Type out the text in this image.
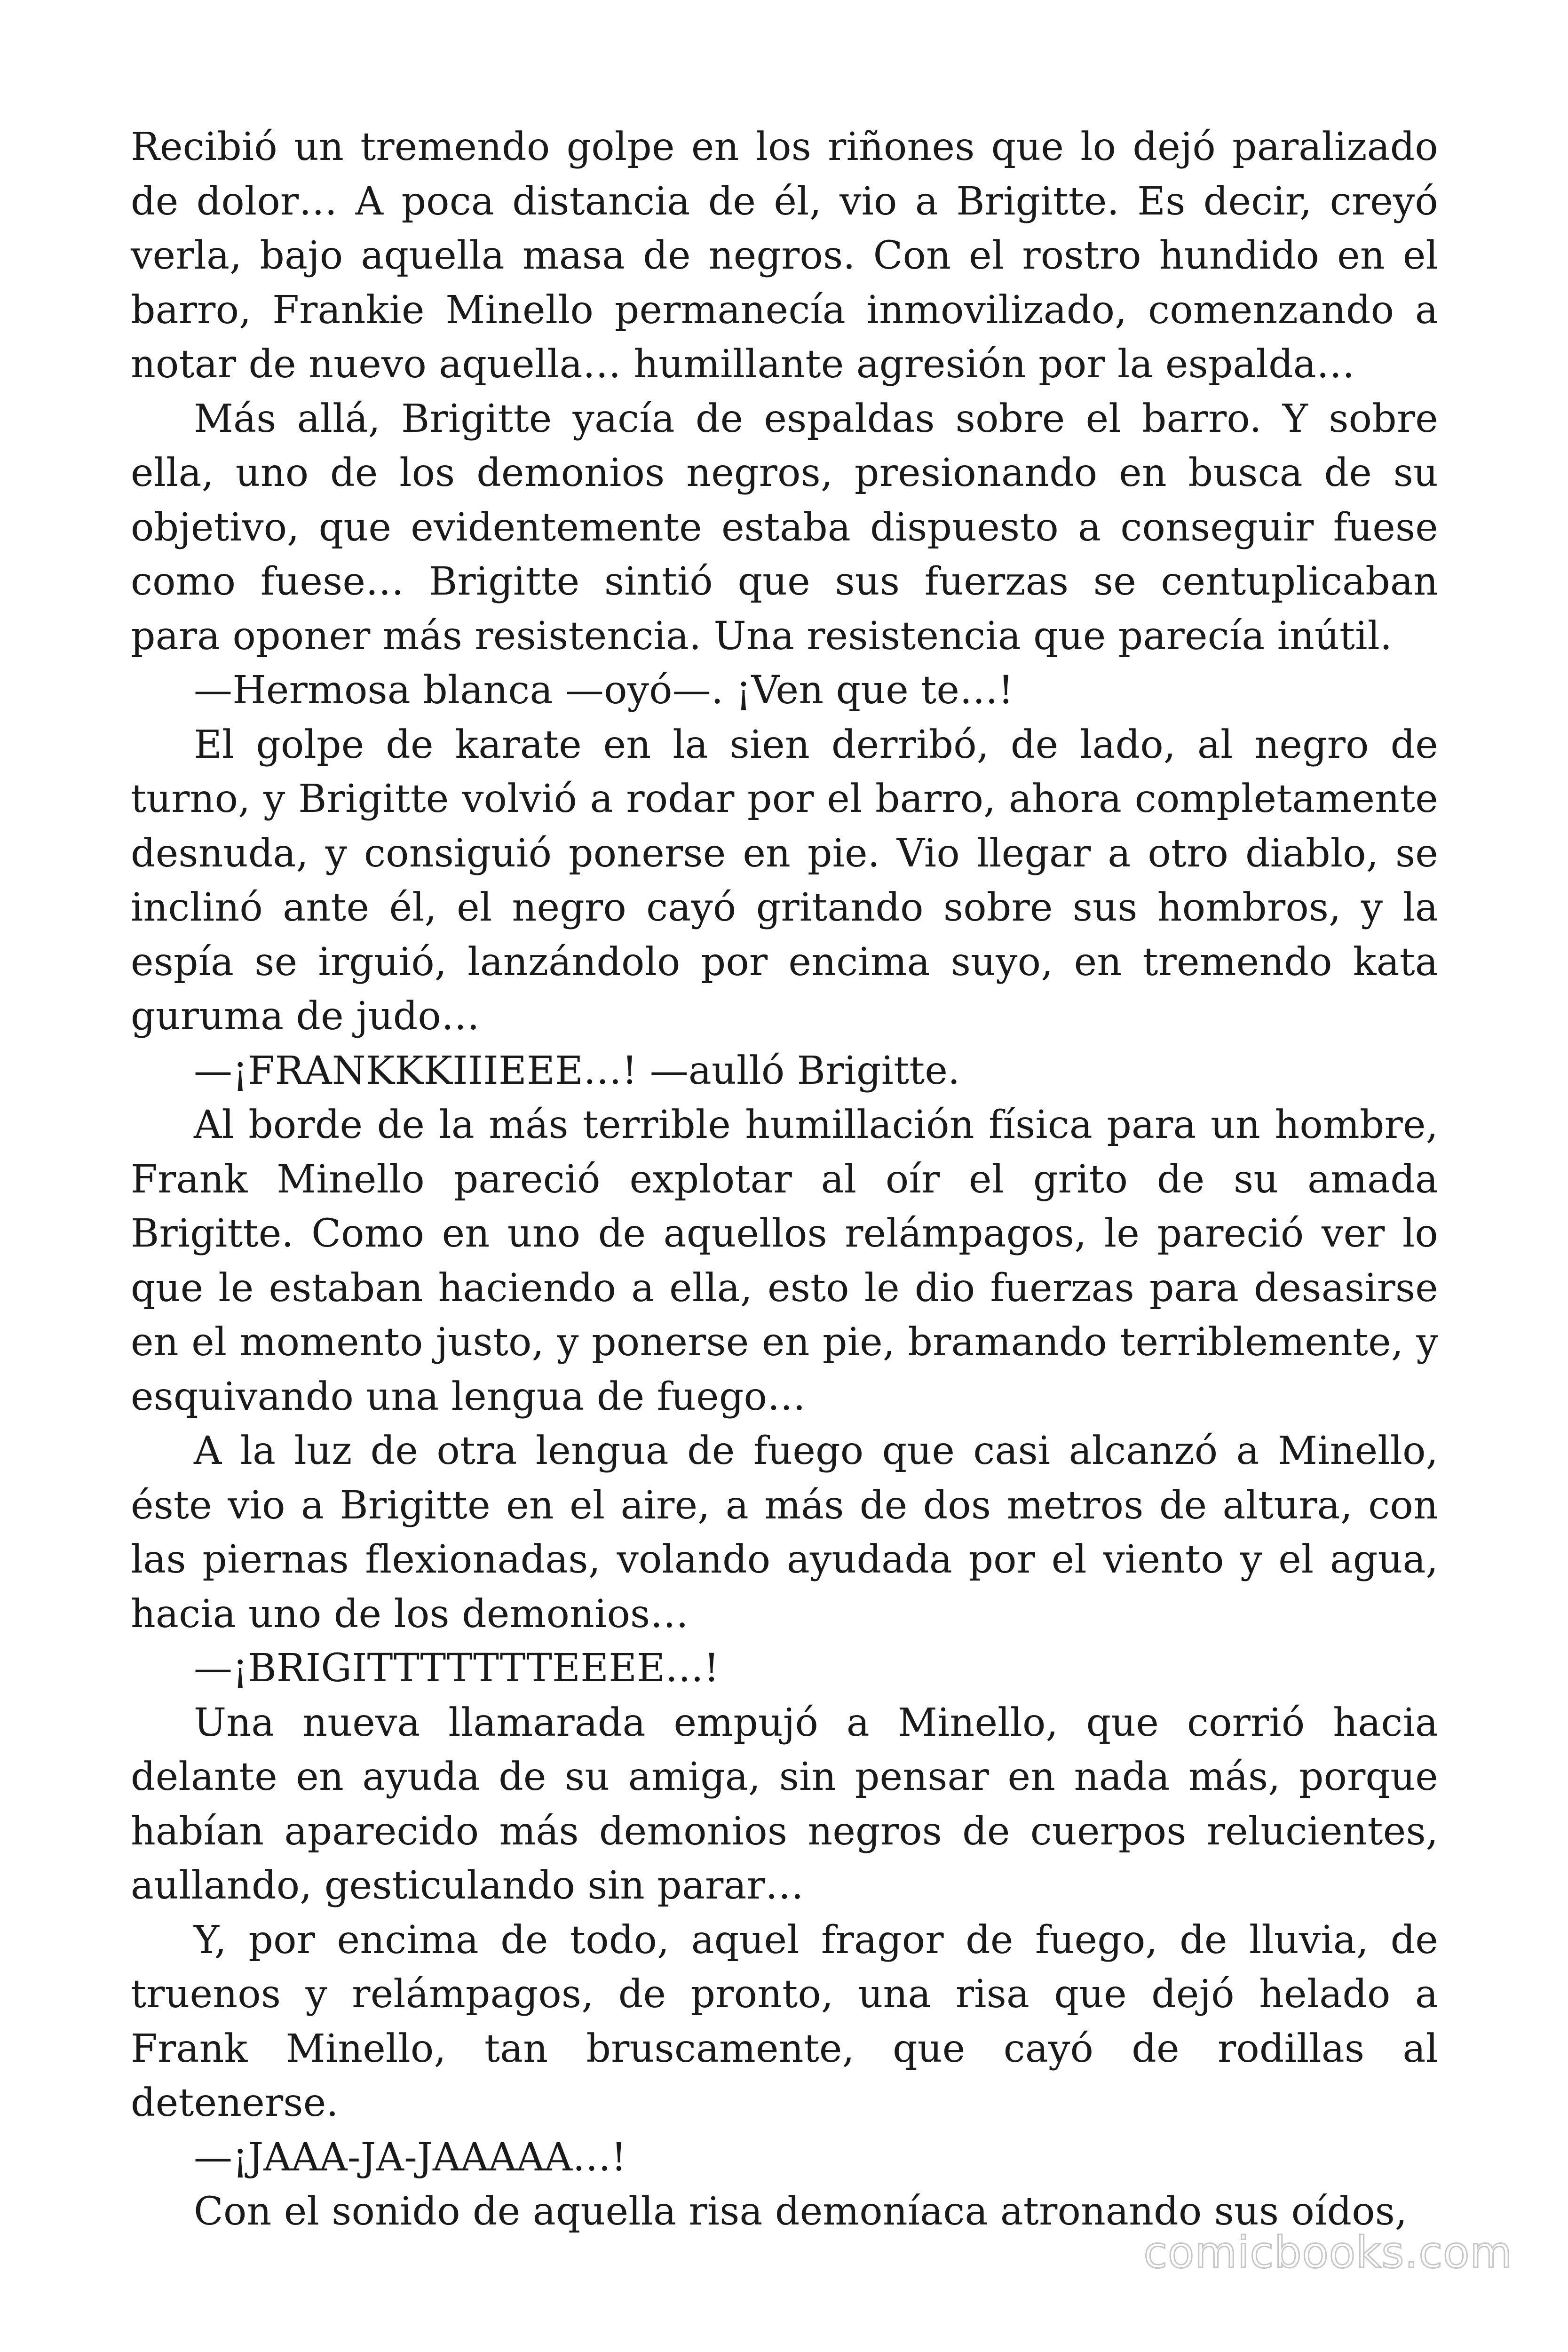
Recibió un tremendo golpe en los riñones que lo dejó paralizado de dolor… A poca distancia de él, vio a Brigitte. Es decir, creyó verla, bajo aquella masa de negros. Con el rostro hundido en el barro, Frankie Minello permanecía inmovilizado, comenzando a notar de nuevo aquella… humillante agresión por la espalda…

Más allá, Brigitte yacía de espaldas sobre el barro. Y sobre ella, uno de los demonios negros, presionando en busca de su objetivo, que evidentemente estaba dispuesto a conseguir fuese como fuese… Brigitte sintió que sus fuerzas se centuplicaban para oponer más resistencia. Una resistencia que parecía inútil.

—Hermosa blanca —oyó—. ¡Ven que te…!

El golpe de karate en la sien derribó, de lado, al negro de turno, y Brigitte volvió a rodar por el barro, ahora completamente desnuda, y consiguió ponerse en pie. Vio llegar a otro diablo, se inclinó ante él, el negro cayó gritando sobre sus hombros, y la espía se irguió, lanzándolo por encima suyo, en tremendo kata guruma de judo…

—¡FRANKKKIIIEEE…! —aulló Brigitte.

Al borde de la más terrible humillación física para un hombre, Frank Minello pareció explotar al oír el grito de su amada Brigitte. Como en uno de aquellos relámpagos, le pareció ver lo que le estaban haciendo a ella, esto le dio fuerzas para desasirse en el momento justo, y ponerse en pie, bramando terriblemente, y esquivando una lengua de fuego…

A la luz de otra lengua de fuego que casi alcanzó a Minello, éste vio a Brigitte en el aire, a más de dos metros de altura, con las piernas flexionadas, volando ayudada por el viento y el agua, hacia uno de los demonios…

—¡BRIGITTTTTTTEEEE…!

Una nueva llamarada empujó a Minello, que corrió hacia delante en ayuda de su amiga, sin pensar en nada más, porque habían aparecido más demonios negros de cuerpos relucientes, aullando, gesticulando sin parar…

Y, por encima de todo, aquel fragor de fuego, de lluvia, de truenos y relámpagos, de pronto, una risa que dejó helado a Frank Minello, tan bruscamente, que cayó de rodillas al detenerse.

—¡JAAA-JA-JAAAAA…!

Con el sonido de aquella risa demoníaca atronando sus oídos,

comicbooks.com
